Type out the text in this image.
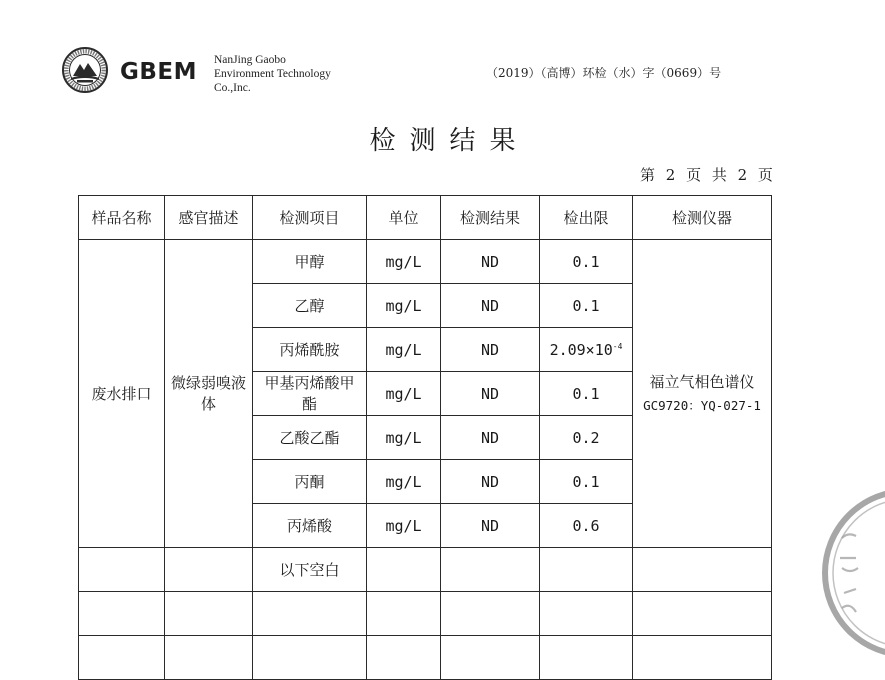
GBEM NanJing Gaobo
Environment Technology
Co.,Inc.
（2019）（高博）环检（水）字（0669）号
检测结果
第 2 页 共 2 页
样品名称	感官描述	检测项目	单位	检测结果	检出限	检测仪器
废水排口	微绿弱嗅液体	甲醇	mg/L	ND	0.1	福立气相色谱仪
GC9720：YQ-027-1
		乙醇	mg/L	ND	0.1	
		丙烯酰胺	mg/L	ND	$2.09\times 10^{-4}$
		甲基丙烯酸甲酯	mg/L	ND	0.1	
		乙酸乙酯	mg/L	ND	0.2	
		丙酮	mg/L	ND	0.1	
		丙烯酸	mg/L	ND	0.6	
		以下空白				
